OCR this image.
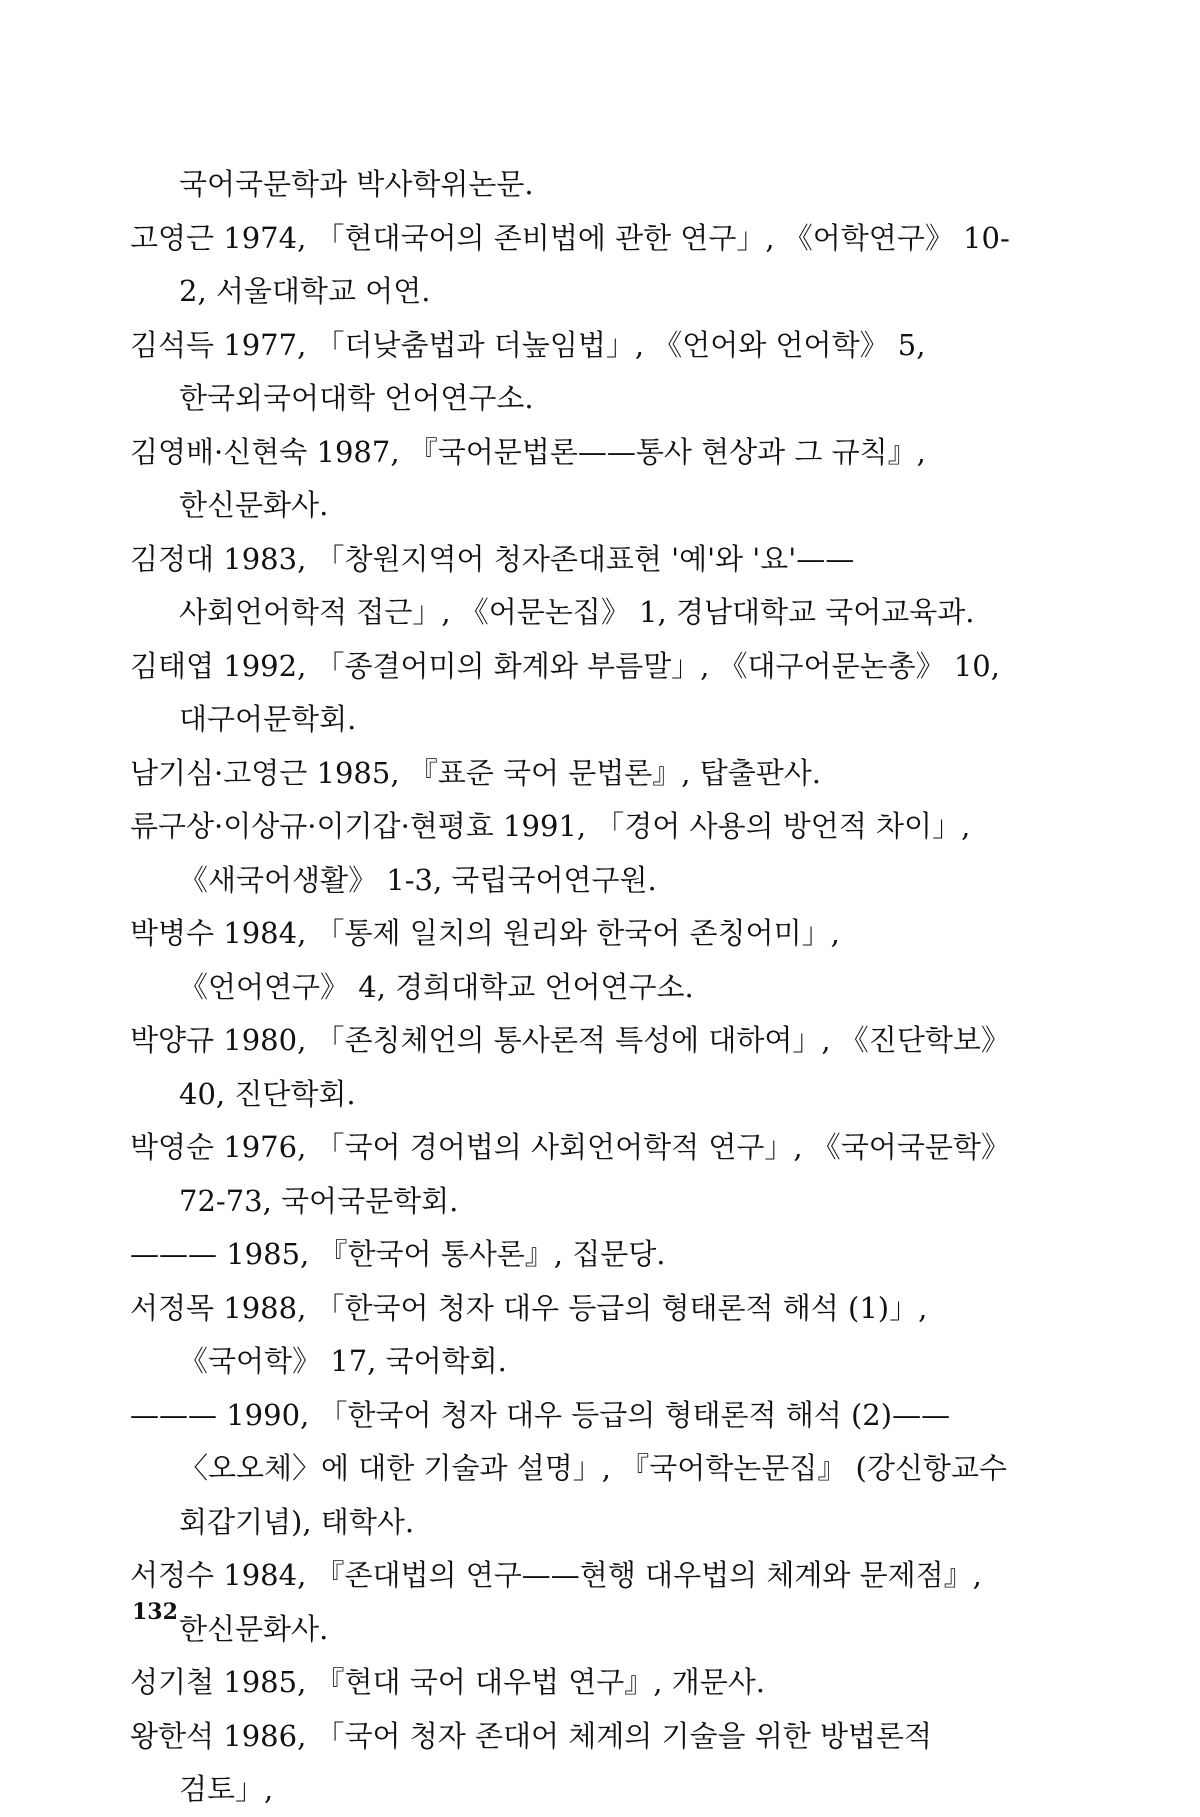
국어국문학과 박사학위논문.
고영근 1974, 「현대국어의 존비법에 관한 연구」, 《어학연구》 10-2, 서울대학교 어연.
김석득 1977, 「더낮춤법과 더높임법」, 《언어와 언어학》 5, 한국외국어대학 언어연구소.
김영배·신현숙 1987, 『국어문법론——통사 현상과 그 규칙』, 한신문화사.
김정대 1983, 「창원지역어 청자존대표현 '예'와 '요'——사회언어학적 접근」, 《어문논집》 1, 경남대학교 국어교육과.
김태엽 1992, 「종결어미의 화계와 부름말」, 《대구어문논총》 10, 대구어문학회.
남기심·고영근 1985, 『표준 국어 문법론』, 탑출판사.
류구상·이상규·이기갑·현평효 1991, 「경어 사용의 방언적 차이」, 《새국어생활》 1-3, 국립국어연구원.
박병수 1984, 「통제 일치의 원리와 한국어 존칭어미」, 《언어연구》 4, 경희대학교 언어연구소.
박양규 1980, 「존칭체언의 통사론적 특성에 대하여」, 《진단학보》 40, 진단학회.
박영순 1976, 「국어 경어법의 사회언어학적 연구」, 《국어국문학》 72-73, 국어국문학회.
——— 1985, 『한국어 통사론』, 집문당.
서정목 1988, 「한국어 청자 대우 등급의 형태론적 해석 (1)」, 《국어학》 17, 국어학회.
——— 1990, 「한국어 청자 대우 등급의 형태론적 해석 (2)——〈오오체〉에 대한 기술과 설명」, 『국어학논문집』 (강신항교수 회갑기념), 태학사.
서정수 1984, 『존대법의 연구——현행 대우법의 체계와 문제점』, 한신문화사.
성기철 1985, 『현대 국어 대우법 연구』, 개문사.
왕한석 1986, 「국어 청자 존대어 체계의 기술을 위한 방법론적 검토」,
132
